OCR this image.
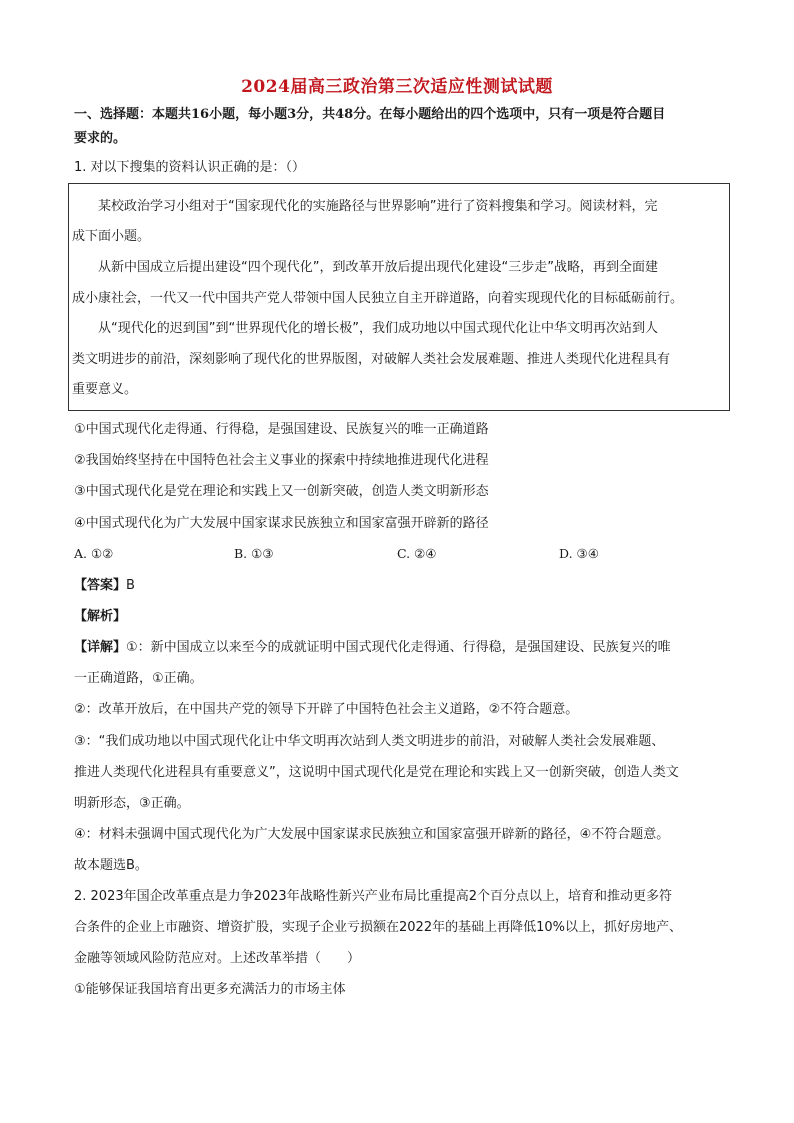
2024届高三政治第三次适应性测试试题
一、选择题：本题共16小题，每小题3分，共48分。在每小题给出的四个选项中，只有一项是符合题目
要求的。
1. 对以下搜集的资料认识正确的是：（）
某校政治学习小组对于“国家现代化的实施路径与世界影响”进行了资料搜集和学习。阅读材料，完
成下面小题。
从新中国成立后提出建设“四个现代化”，到改革开放后提出现代化建设“三步走”战略，再到全面建
成小康社会，一代又一代中国共产党人带领中国人民独立自主开辟道路，向着实现现代化的目标砥砺前行。
从“现代化的迟到国”到“世界现代化的增长极”，我们成功地以中国式现代化让中华文明再次站到人
类文明进步的前沿，深刻影响了现代化的世界版图，对破解人类社会发展难题、推进人类现代化进程具有
重要意义。
①中国式现代化走得通、行得稳，是强国建设、民族复兴的唯一正确道路
②我国始终坚持在中国特色社会主义事业的探索中持续地推进现代化进程
③中国式现代化是党在理论和实践上又一创新突破，创造人类文明新形态
④中国式现代化为广大发展中国家谋求民族独立和国家富强开辟新的路径
A. ①②	B. ①③	C. ②④	D. ③④
【答案】B
【解析】
【详解】①：新中国成立以来至今的成就证明中国式现代化走得通、行得稳，是强国建设、民族复兴的唯
一正确道路，①正确。
②：改革开放后，在中国共产党的领导下开辟了中国特色社会主义道路，②不符合题意。
③：“我们成功地以中国式现代化让中华文明再次站到人类文明进步的前沿，对破解人类社会发展难题、
推进人类现代化进程具有重要意义”，这说明中国式现代化是党在理论和实践上又一创新突破，创造人类文
明新形态，③正确。
④：材料未强调中国式现代化为广大发展中国家谋求民族独立和国家富强开辟新的路径，④不符合题意。
故本题选B。
2. 2023年国企改革重点是力争2023年战略性新兴产业布局比重提高2个百分点以上，培育和推动更多符
合条件的企业上市融资、增资扩股，实现子企业亏损额在2022年的基础上再降低10%以上，抓好房地产、
金融等领域风险防范应对。上述改革举措（　　）
①能够保证我国培育出更多充满活力的市场主体
